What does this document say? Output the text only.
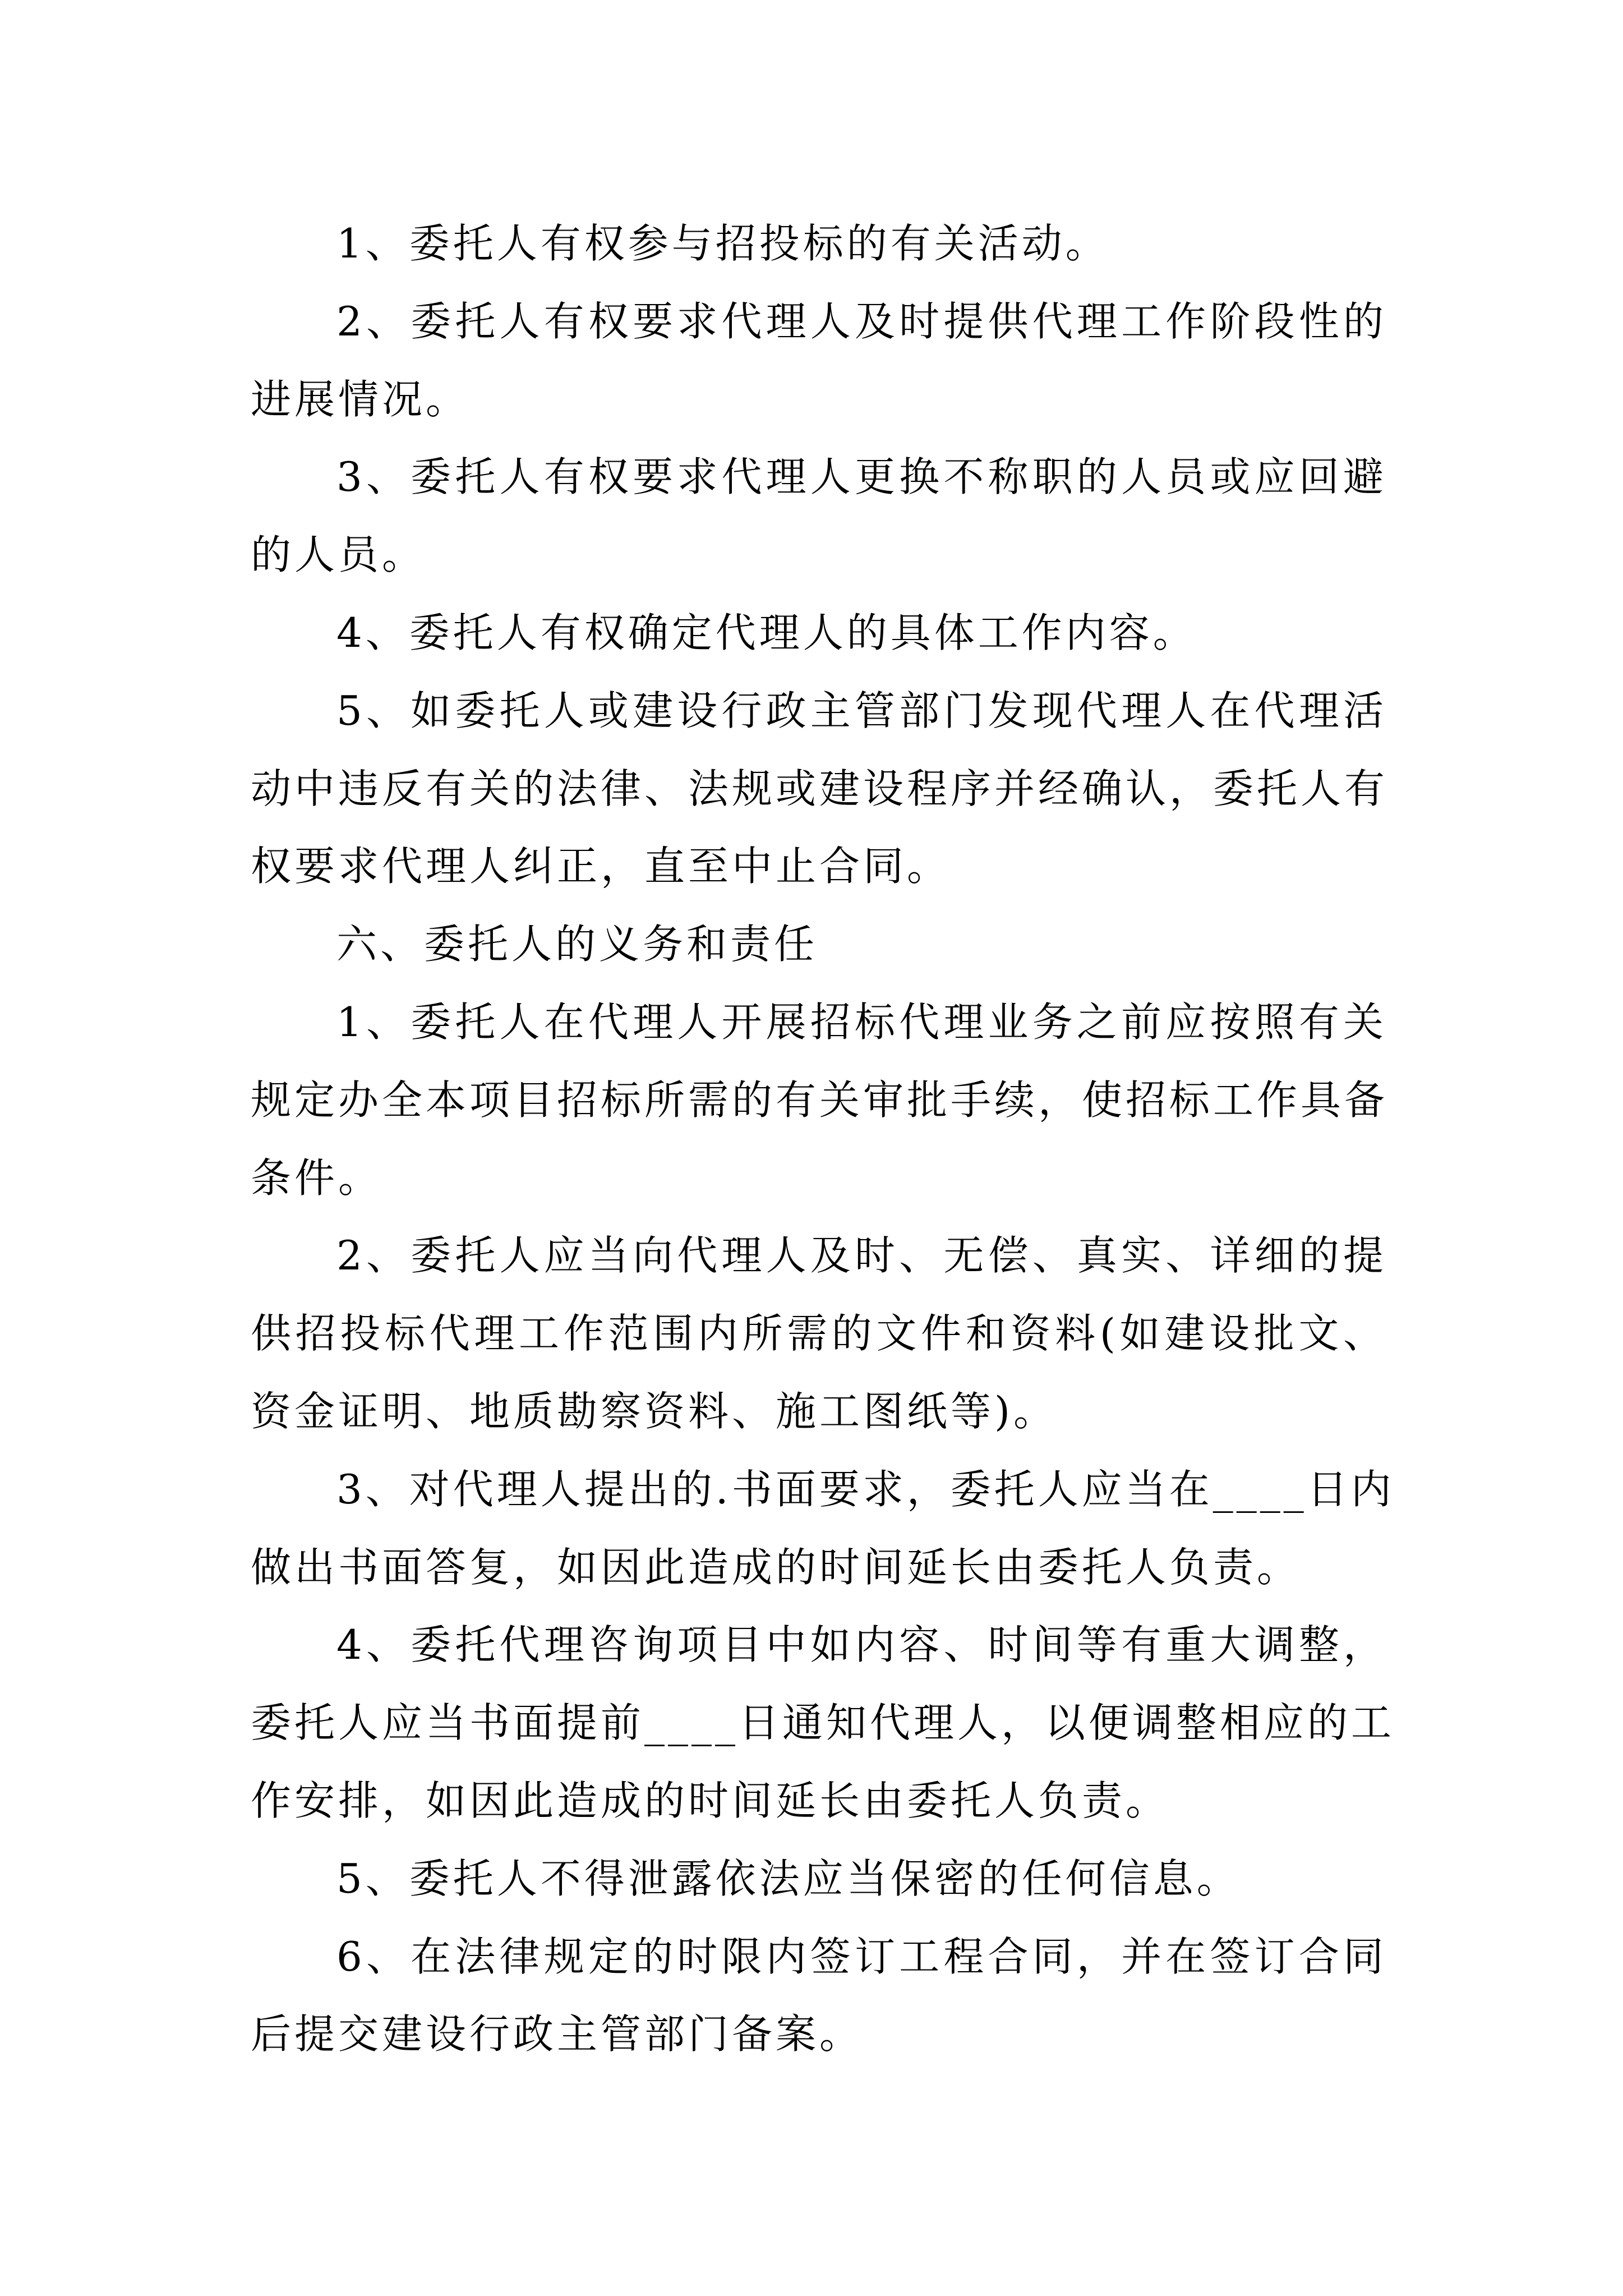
1、委托人有权参与招投标的有关活动。
2、委托人有权要求代理人及时提供代理工作阶段性的
进展情况。
3、委托人有权要求代理人更换不称职的人员或应回避
的人员。
4、委托人有权确定代理人的具体工作内容。
5、如委托人或建设行政主管部门发现代理人在代理活
动中违反有关的法律、法规或建设程序并经确认，委托人有
权要求代理人纠正，直至中止合同。
六、委托人的义务和责任
1、委托人在代理人开展招标代理业务之前应按照有关
规定办全本项目招标所需的有关审批手续，使招标工作具备
条件。
2、委托人应当向代理人及时、无偿、真实、详细的提
供招投标代理工作范围内所需的文件和资料(如建设批文、
资金证明、地质勘察资料、施工图纸等)。
3、对代理人提出的.书面要求，委托人应当在____日内
做出书面答复，如因此造成的时间延长由委托人负责。
4、委托代理咨询项目中如内容、时间等有重大调整，
委托人应当书面提前____日通知代理人，以便调整相应的工
作安排，如因此造成的时间延长由委托人负责。
5、委托人不得泄露依法应当保密的任何信息。
6、在法律规定的时限内签订工程合同，并在签订合同
后提交建设行政主管部门备案。
